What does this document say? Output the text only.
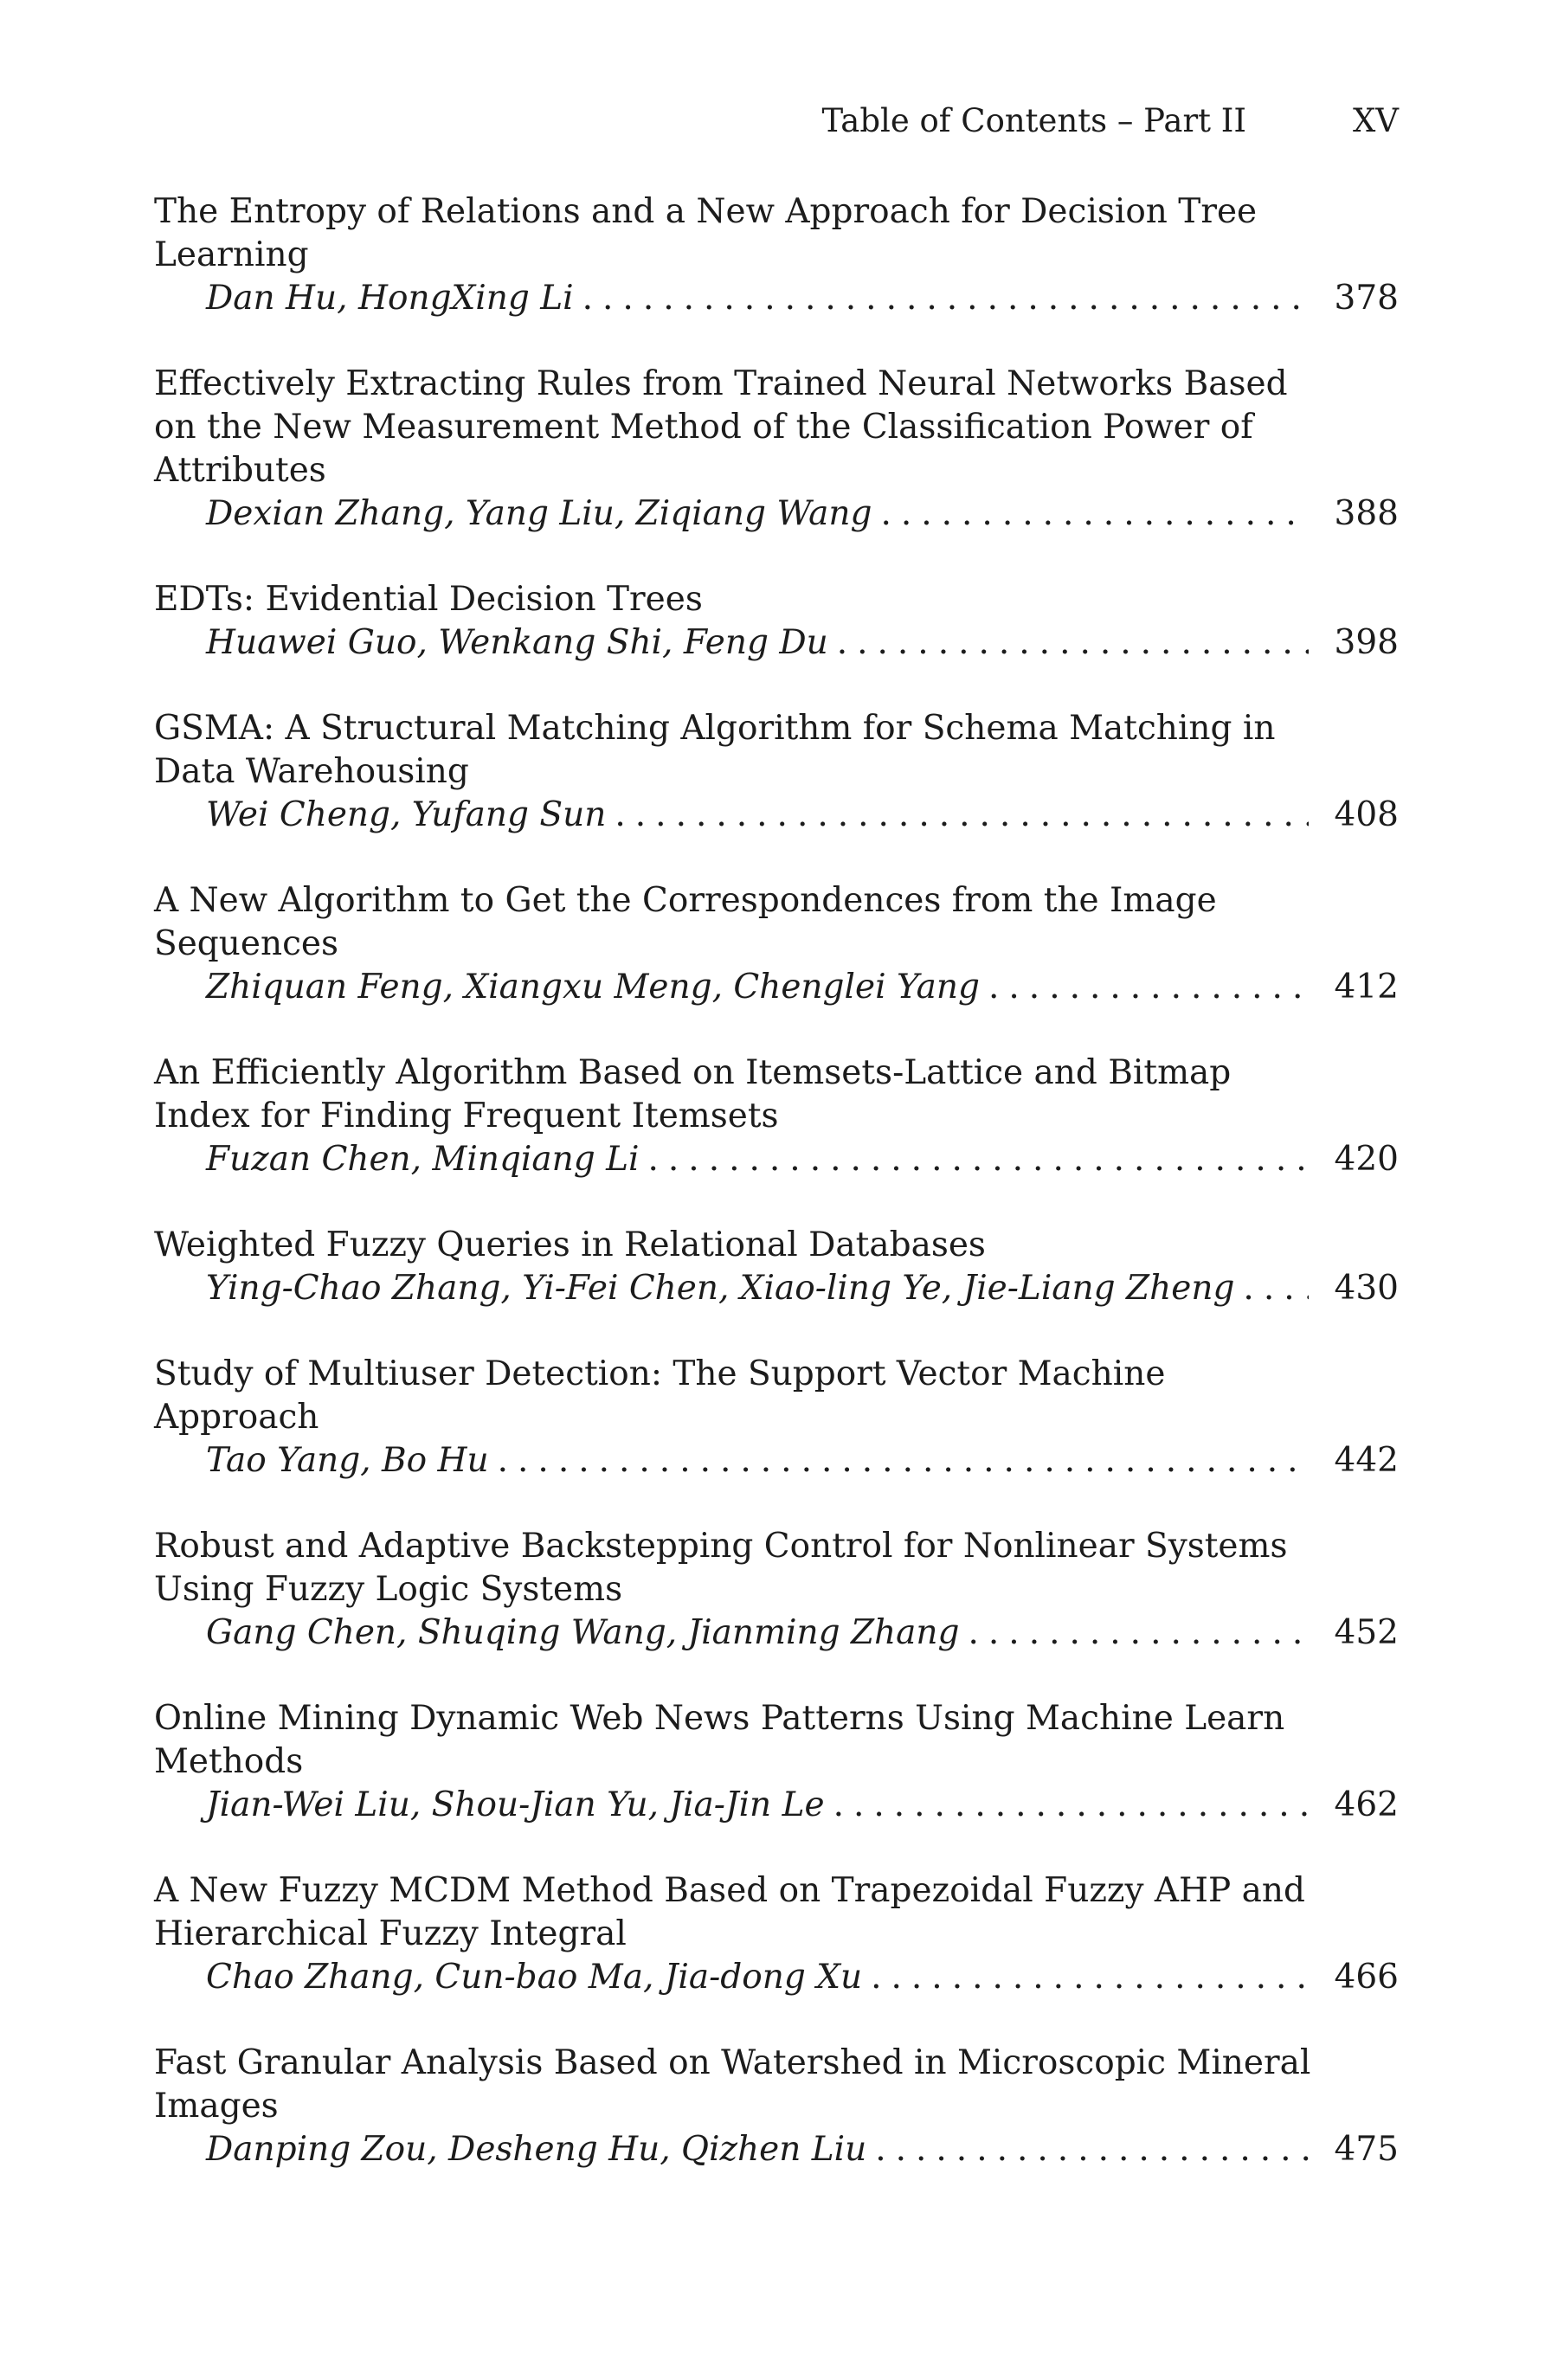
Table of Contents – Part II	XV
The Entropy of Relations and a New Approach for Decision Tree Learning
Dan Hu, HongXing Li .....	378
Effectively Extracting Rules from Trained Neural Networks Based on the New Measurement Method of the Classification Power of Attributes
Dexian Zhang, Yang Liu, Ziqiang Wang .....	388
EDTs: Evidential Decision Trees
Huawei Guo, Wenkang Shi, Feng Du .....	398
GSMA: A Structural Matching Algorithm for Schema Matching in Data Warehousing
Wei Cheng, Yufang Sun .....	408
A New Algorithm to Get the Correspondences from the Image Sequences
Zhiquan Feng, Xiangxu Meng, Chenglei Yang .....	412
An Efficiently Algorithm Based on Itemsets-Lattice and Bitmap Index for Finding Frequent Itemsets
Fuzan Chen, Minqiang Li .....	420
Weighted Fuzzy Queries in Relational Databases
Ying-Chao Zhang, Yi-Fei Chen, Xiao-ling Ye, Jie-Liang Zheng .....	430
Study of Multiuser Detection: The Support Vector Machine Approach
Tao Yang, Bo Hu .....	442
Robust and Adaptive Backstepping Control for Nonlinear Systems Using Fuzzy Logic Systems
Gang Chen, Shuqing Wang, Jianming Zhang .....	452
Online Mining Dynamic Web News Patterns Using Machine Learn Methods
Jian-Wei Liu, Shou-Jian Yu, Jia-Jin Le .....	462
A New Fuzzy MCDM Method Based on Trapezoidal Fuzzy AHP and Hierarchical Fuzzy Integral
Chao Zhang, Cun-bao Ma, Jia-dong Xu .....	466
Fast Granular Analysis Based on Watershed in Microscopic Mineral Images
Danping Zou, Desheng Hu, Qizhen Liu .....	475
